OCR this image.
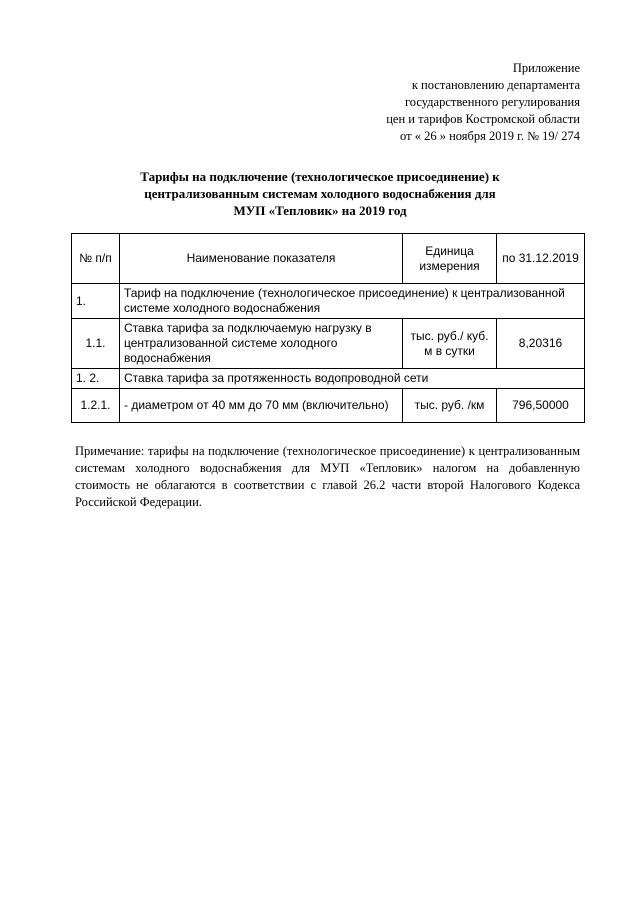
Приложение
к постановлению департамента
государственного регулирования
цен и тарифов Костромской области
от « 26 » ноября 2019 г. № 19/ 274
Тарифы на подключение (технологическое присоединение) к
централизованным системам холодного водоснабжения для
МУП «Тепловик» на 2019 год
№ п/п	Наименование показателя	Единица измерения	по 31.12.2019
1.	Тариф на подключение (технологическое присоединение) к централизованной системе холодного водоснабжения		
1.1.	Ставка тарифа за подключаемую нагрузку в централизованной системе холодного водоснабжения	тыс. руб./ куб. м в сутки	8,20316
1. 2.	Ставка тарифа за протяженность водопроводной сети		
1.2.1.	- диаметром от 40 мм до 70 мм (включительно)	тыс. руб. /км	796,50000

Примечание: тарифы на подключение (технологическое присоединение) к централизованным системам холодного водоснабжения для МУП «Тепловик» налогом на добавленную стоимость не облагаются в соответствии с главой 26.2 части второй Налогового Кодекса Российской Федерации.
